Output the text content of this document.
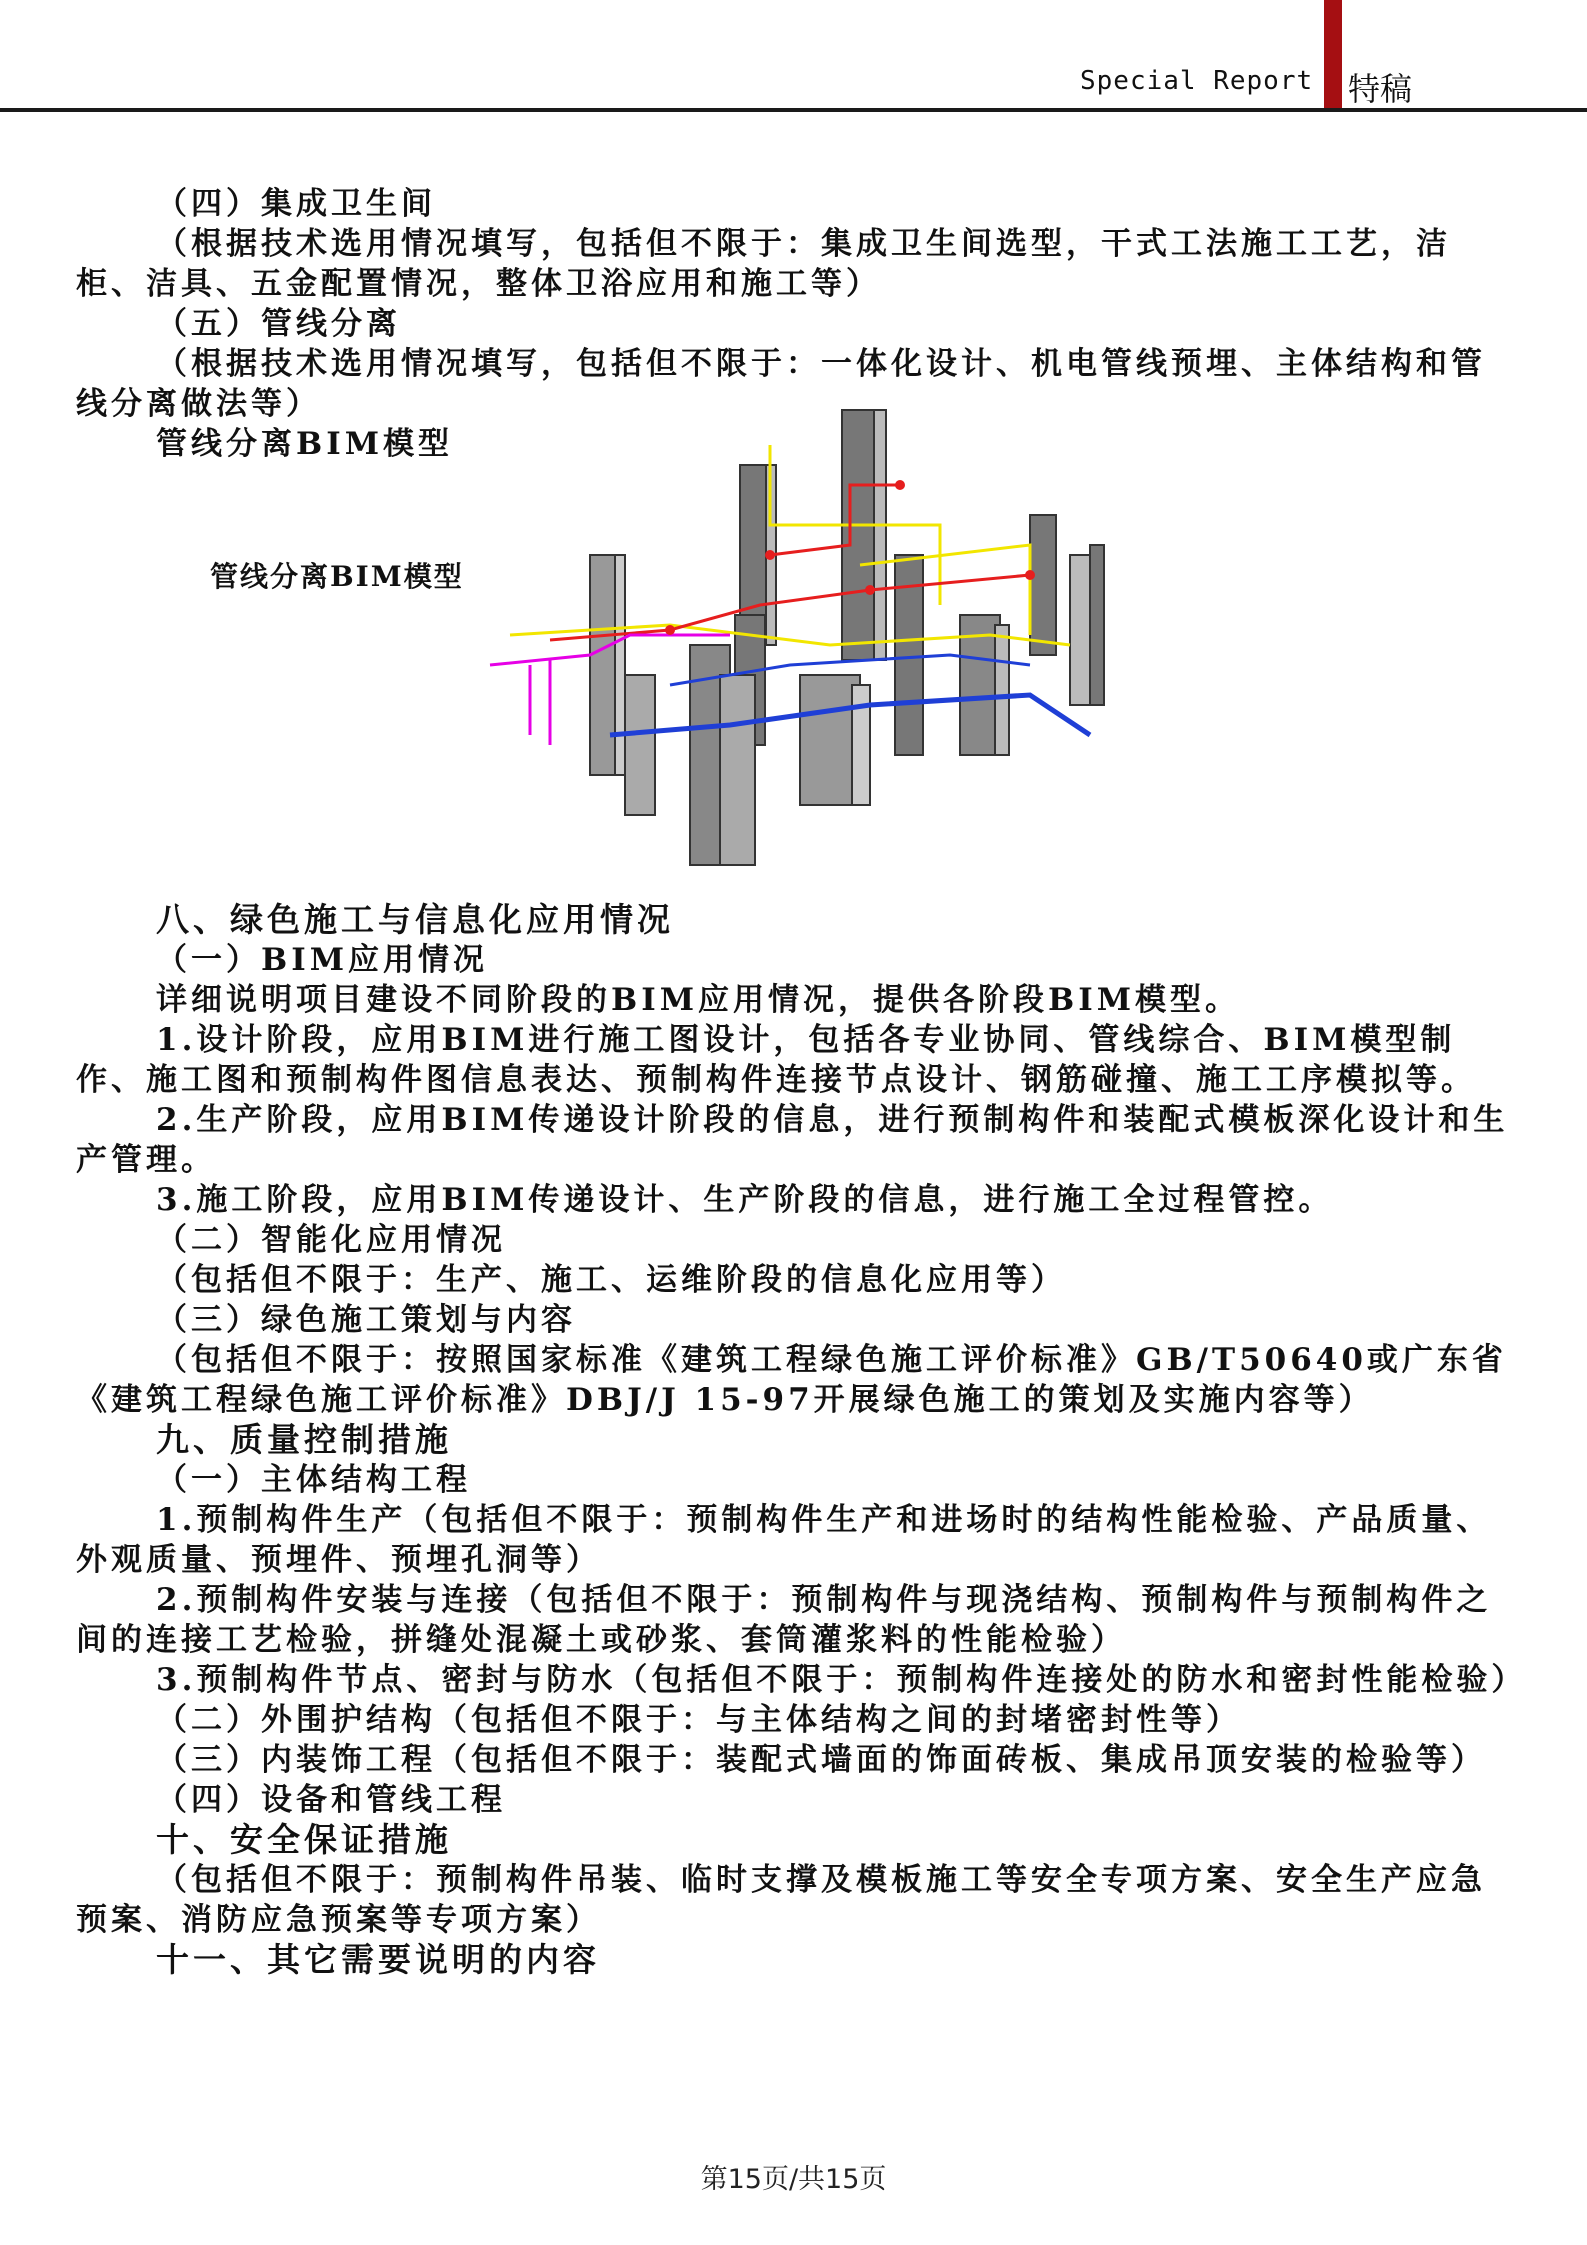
Special Report 特稿

（四）集成卫生间

（根据技术选用情况填写，包括但不限于：集成卫生间选型，干式工法施工工艺，洁柜、洁具、五金配置情况，整体卫浴应用和施工等）

（五）管线分离

（根据技术选用情况填写，包括但不限于：一体化设计、机电管线预埋、主体结构和管线分离做法等）

管线分离BIM模型

管线分离BIM模型

八、绿色施工与信息化应用情况

（一）BIM应用情况

详细说明项目建设不同阶段的BIM应用情况，提供各阶段BIM模型。

1.设计阶段，应用BIM进行施工图设计，包括各专业协同、管线综合、BIM模型制作、施工图和预制构件图信息表达、预制构件连接节点设计、钢筋碰撞、施工工序模拟等。

2.生产阶段，应用BIM传递设计阶段的信息，进行预制构件和装配式模板深化设计和生产管理。

3.施工阶段，应用BIM传递设计、生产阶段的信息，进行施工全过程管控。

（二）智能化应用情况

（包括但不限于：生产、施工、运维阶段的信息化应用等）

（三）绿色施工策划与内容

（包括但不限于：按照国家标准《建筑工程绿色施工评价标准》GB/T50640或广东省《建筑工程绿色施工评价标准》DBJ/J 15-97开展绿色施工的策划及实施内容等）

九、质量控制措施

（一）主体结构工程

1.预制构件生产（包括但不限于：预制构件生产和进场时的结构性能检验、产品质量、外观质量、预埋件、预埋孔洞等）

2.预制构件安装与连接（包括但不限于：预制构件与现浇结构、预制构件与预制构件之间的连接工艺检验，拼缝处混凝土或砂浆、套筒灌浆料的性能检验）

3.预制构件节点、密封与防水（包括但不限于：预制构件连接处的防水和密封性能检验）

（二）外围护结构（包括但不限于：与主体结构之间的封堵密封性等）

（三）内装饰工程（包括但不限于：装配式墙面的饰面砖板、集成吊顶安装的检验等）

（四）设备和管线工程

十、安全保证措施

（包括但不限于：预制构件吊装、临时支撑及模板施工等安全专项方案、安全生产应急预案、消防应急预案等专项方案）

十一、其它需要说明的内容

第15页/共15页
